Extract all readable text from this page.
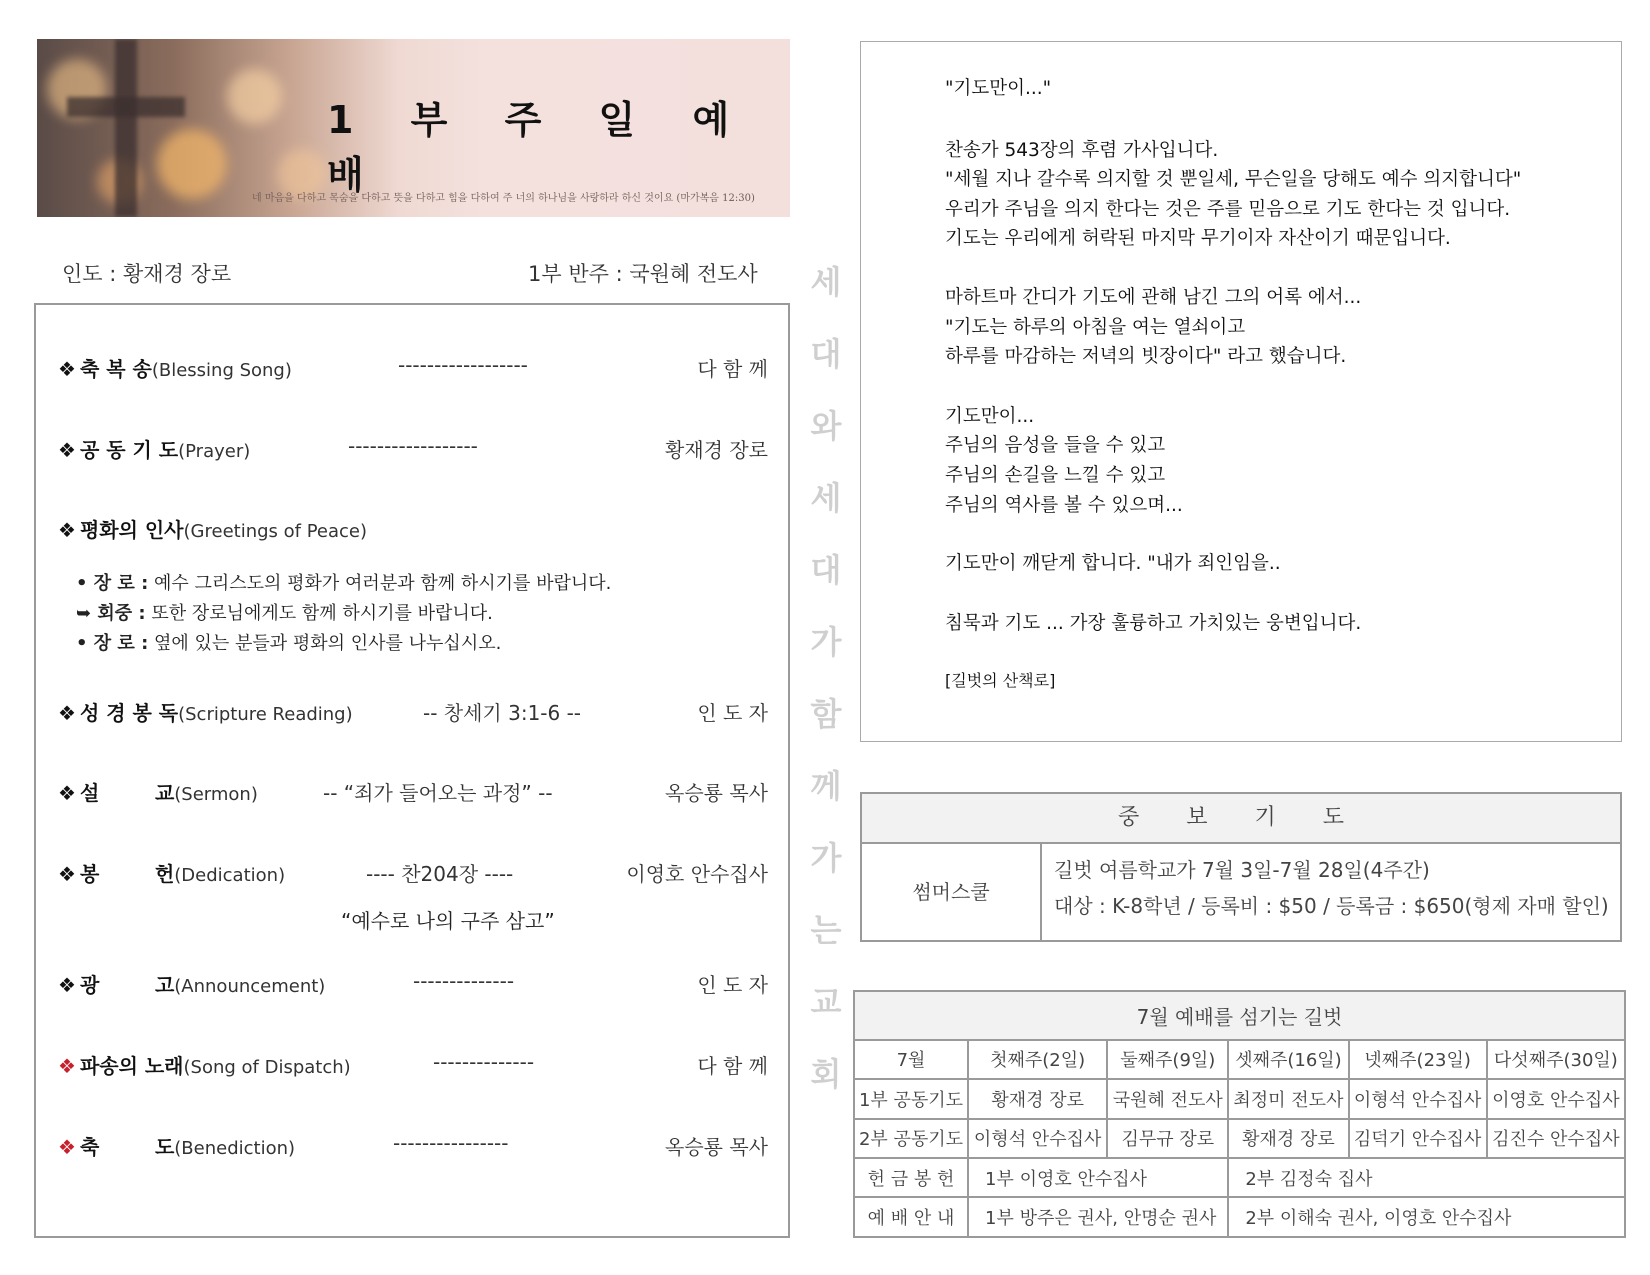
1 부 주 일 예 배
네 마음을 다하고 목숨을 다하고 뜻을 다하고 힘을 다하여 주 너의 하나님을 사랑하라 하신 것이요 (마가복음 12:30)
인도 : 황재경 장로	1부 반주 : 국원혜 전도사
❖ 축 복 송(Blessing Song)	------------------	다 함 께
❖ 공 동 기 도(Prayer)	------------------	황재경 장로
❖ 평화의 인사(Greetings of Peace)
• 장 로 : 예수 그리스도의 평화가 여러분과 함께 하시기를 바랍니다.
➥ 회중 : 또한 장로님에게도 함께 하시기를 바랍니다.
• 장 로 : 옆에 있는 분들과 평화의 인사를 나누십시오.
❖ 성 경 봉 독(Scripture Reading)	-- 창세기 3:1-6 --	인 도 자
❖ 설        교(Sermon)	-- “죄가 들어오는 과정” --	옥승룡 목사
❖ 봉        헌(Dedication)	---- 찬204장 ----	이영호 안수집사
“예수로 나의 구주 삼고”
❖ 광        고(Announcement)	--------------	인 도 자
❖ 파송의 노래(Song of Dispatch)	--------------	다 함 께
❖ 축        도(Benediction)	----------------	옥승룡 목사
세
대
와
세
대
가
함
께
가
는
교
회
"기도만이..."
찬송가 543장의 후렴 가사입니다.
"세월 지나 갈수록 의지할 것 뿐일세, 무슨일을 당해도 예수 의지합니다"
우리가 주님을 의지 한다는 것은 주를 믿음으로 기도 한다는 것 입니다.
기도는 우리에게 허락된 마지막 무기이자 자산이기 때문입니다.
마하트마 간디가 기도에 관해 남긴 그의 어록 에서...
"기도는 하루의 아침을 여는 열쇠이고
하루를 마감하는 저녁의 빗장이다" 라고 했습니다.
기도만이...
주님의 음성을 들을 수 있고
주님의 손길을 느낄 수 있고
주님의 역사를 볼 수 있으며...
기도만이 깨닫게 합니다. "내가 죄인임을..
침묵과 기도 ... 가장 훌륭하고 가치있는 웅변입니다.
[길벗의 산책로]
중 보 기 도
썸머스쿨
길벗 여름학교가 7월 3일-7월 28일(4주간)
대상 : K-8학년 / 등록비 : $50 / 등록금 : $650(형제 자매 할인)
7월 예배를 섬기는 길벗					
7월	첫째주(2일)	둘째주(9일)	셋째주(16일)	넷째주(23일)	다섯째주(30일)
1부 공동기도	황재경 장로	국원혜 전도사	최정미 전도사	이형석 안수집사	이영호 안수집사
2부 공동기도	이형석 안수집사	김무규 장로	황재경 장로	김덕기 안수집사	김진수 안수집사
헌 금 봉 헌	1부 이영호 안수집사		2부 김정숙 집사		
예 배 안 내	1부 방주은 권사, 안명순 권사		2부 이해숙 권사, 이영호 안수집사		
